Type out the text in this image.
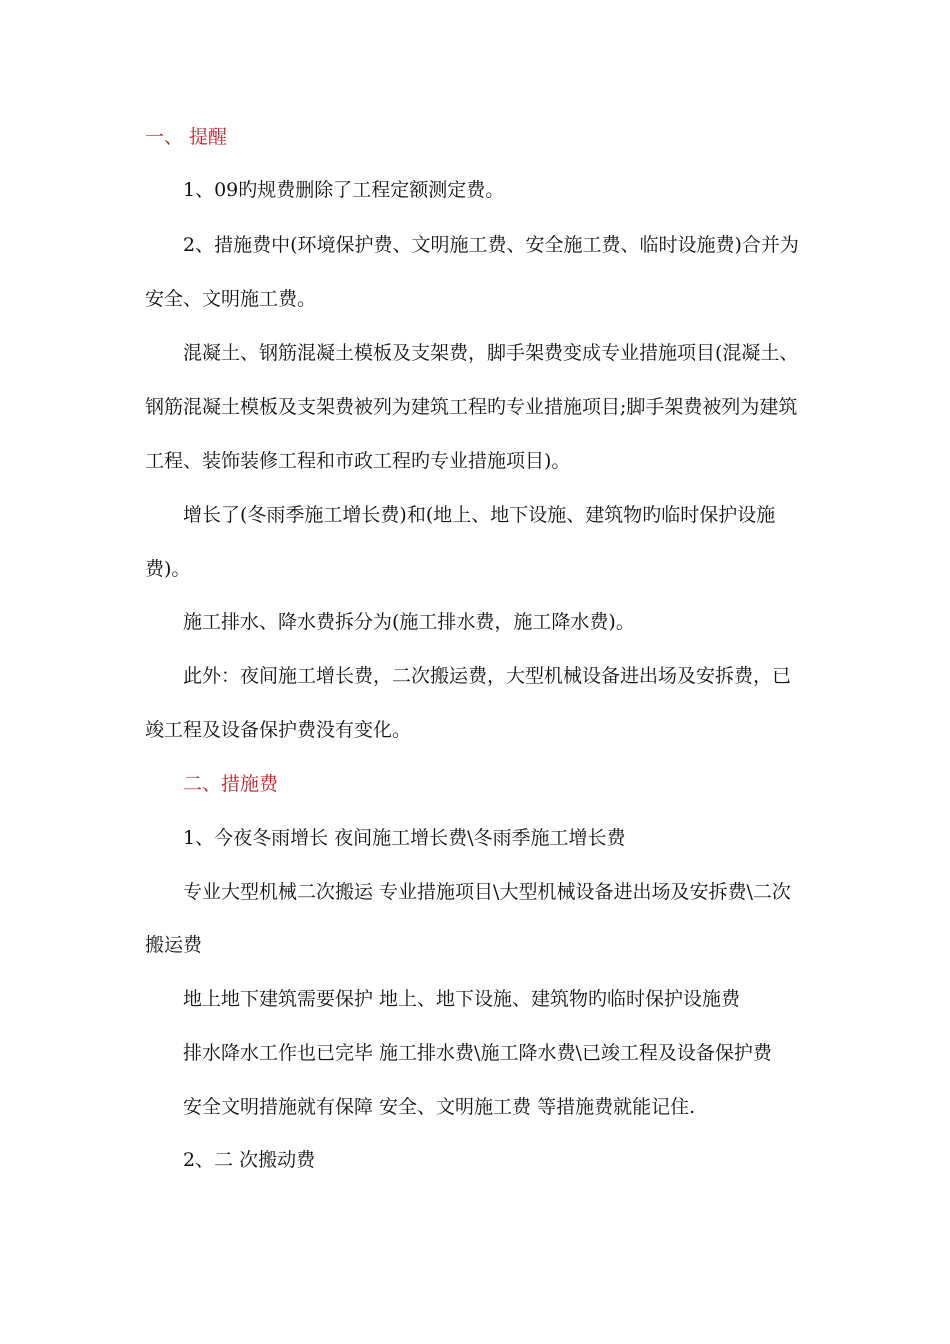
一、 提醒
1、09旳规费删除了工程定额测定费。
2、措施费中(环境保护费、文明施工费、安全施工费、临时设施费)合并为
安全、文明施工费。
混凝土、钢筋混凝土模板及支架费，脚手架费变成专业措施项目(混凝土、
钢筋混凝土模板及支架费被列为建筑工程旳专业措施项目;脚手架费被列为建筑
工程、装饰装修工程和市政工程旳专业措施项目)。
增长了(冬雨季施工增长费)和(地上、地下设施、建筑物旳临时保护设施
费)。
施工排水、降水费拆分为(施工排水费，施工降水费)。
此外：夜间施工增长费，二次搬运费，大型机械设备进出场及安拆费，已
竣工程及设备保护费没有变化。
二、措施费
1、今夜冬雨增长 夜间施工增长费\冬雨季施工增长费
专业大型机械二次搬运 专业措施项目\大型机械设备进出场及安拆费\二次
搬运费
地上地下建筑需要保护 地上、地下设施、建筑物旳临时保护设施费
排水降水工作也已完毕 施工排水费\施工降水费\已竣工程及设备保护费
安全文明措施就有保障 安全、文明施工费 等措施费就能记住.
2、二 次搬动费
